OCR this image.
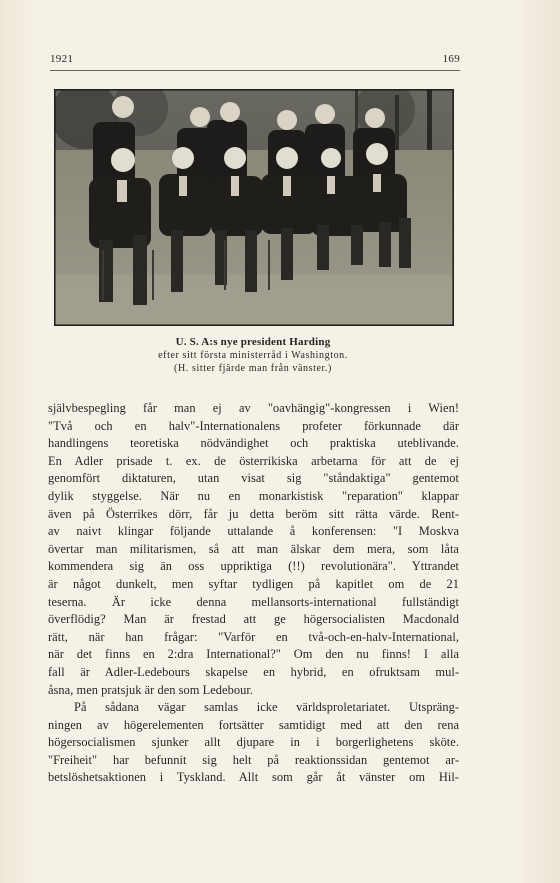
1921	169
U. S. A:s nye president Harding
efter sitt första ministerråd i Washington.
(H. sitter fjärde man från vänster.)
självbespegling får man ej av "oavhängig"-kongressen i Wien!
"Två och en halv"-Internationalens profeter förkunnade där
handlingens teoretiska nödvändighet och praktiska uteblivande.
En Adler prisade t. ex. de österrikiska arbetarna för att de ej
genomfört diktaturen, utan visat sig "ståndaktiga" gentemot
dylik styggelse. När nu en monarkistisk "reparation" klappar
även på Österrikes dörr, får ju detta beröm sitt rätta värde. Rent-
av naivt klingar följande uttalande å konferensen: "I Moskva
övertar man militarismen, så att man älskar dem mera, som låta
kommendera sig än oss uppriktiga (!!) revolutionära". Yttrandet
är något dunkelt, men syftar tydligen på kapitlet om de 21
teserna. Är icke denna mellansorts-international fullständigt
överflödig? Man är frestad att ge högersocialisten Macdonald
rätt, när han frågar: "Varför en två-och-en-halv-International,
när det finns en 2:dra International?" Om den nu finns! I alla
fall är Adler-Ledebours skapelse en hybrid, en ofruktsam mul-
åsna, men pratsjuk är den som Ledebour.
På sådana vägar samlas icke världsproletariatet. Utspräng-
ningen av högerelementen fortsätter samtidigt med att den rena
högersocialismen sjunker allt djupare in i borgerlighetens sköte.
"Freiheit" har befunnit sig helt på reaktionssidan gentemot ar-
betslöshetsaktionen i Tyskland. Allt som går åt vänster om Hil-
